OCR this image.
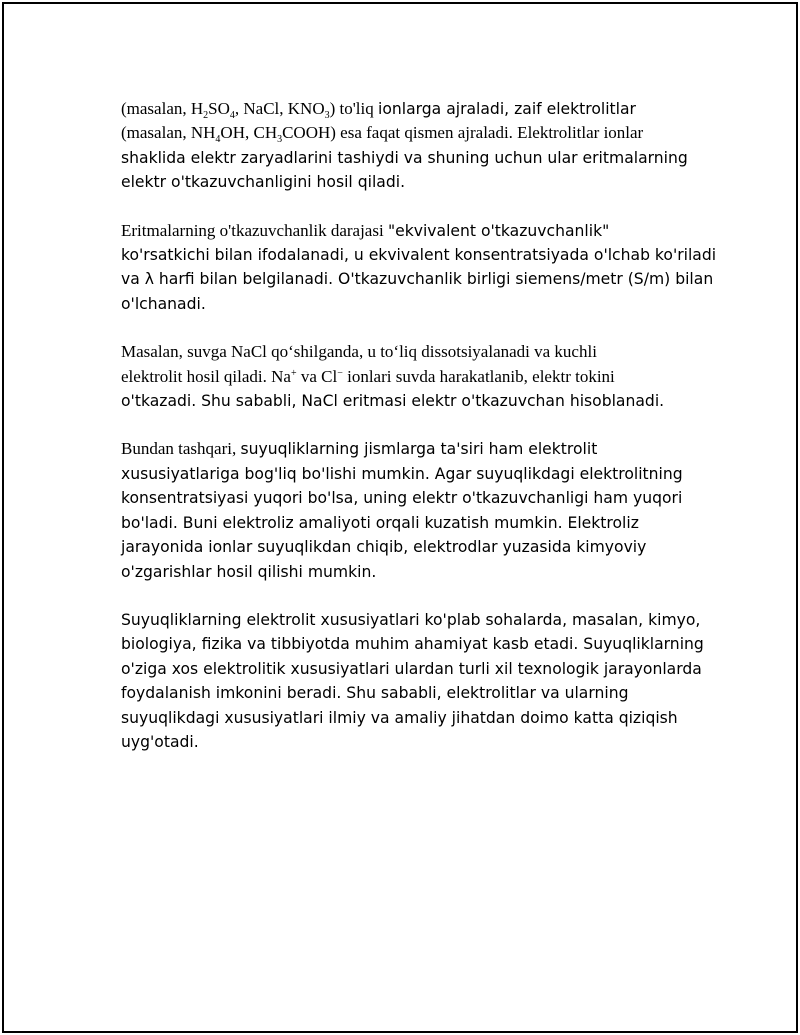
(masalan, $H_2SO_4$, NaCl, $KNO_3$) to'liq ionlarga ajraladi, zaif elektrolitlar
(masalan, $NH_4OH$, $CH_3COOH$) esa faqat qismen ajraladi. Elektrolitlar ionlar
shaklida elektr zaryadlarini tashiydi va shuning uchun ular eritmalarning
elektr o'tkazuvchanligini hosil qiladi.

Eritmalarning o'tkazuvchanlik darajasi "ekvivalent o'tkazuvchanlik"
ko'rsatkichi bilan ifodalanadi, u ekvivalent konsentratsiyada o'lchab ko'riladi
va λ harfi bilan belgilanadi. O'tkazuvchanlik birligi siemens/metr (S/m) bilan
o'lchanadi.

Masalan, suvga NaCl qo‘shilganda, u to‘liq dissotsiyalanadi va kuchli
elektrolit hosil qiladi. Na+ va Cl− ionlari suvda harakatlanib, elektr tokini
o'tkazadi. Shu sababli, NaCl eritmasi elektr o'tkazuvchan hisoblanadi.

Bundan tashqari, suyuqliklarning jismlarga ta'siri ham elektrolit
xususiyatlariga bog'liq bo'lishi mumkin. Agar suyuqlikdagi elektrolitning
konsentratsiyasi yuqori bo'lsa, uning elektr o'tkazuvchanligi ham yuqori
bo'ladi. Buni elektroliz amaliyoti orqali kuzatish mumkin. Elektroliz
jarayonida ionlar suyuqlikdan chiqib, elektrodlar yuzasida kimyoviy
o'zgarishlar hosil qilishi mumkin.

Suyuqliklarning elektrolit xususiyatlari ko'plab sohalarda, masalan, kimyo,
biologiya, fizika va tibbiyotda muhim ahamiyat kasb etadi. Suyuqliklarning
o'ziga xos elektrolitik xususiyatlari ulardan turli xil texnologik jarayonlarda
foydalanish imkonini beradi. Shu sababli, elektrolitlar va ularning
suyuqlikdagi xususiyatlari ilmiy va amaliy jihatdan doimo katta qiziqish
uyg'otadi.
